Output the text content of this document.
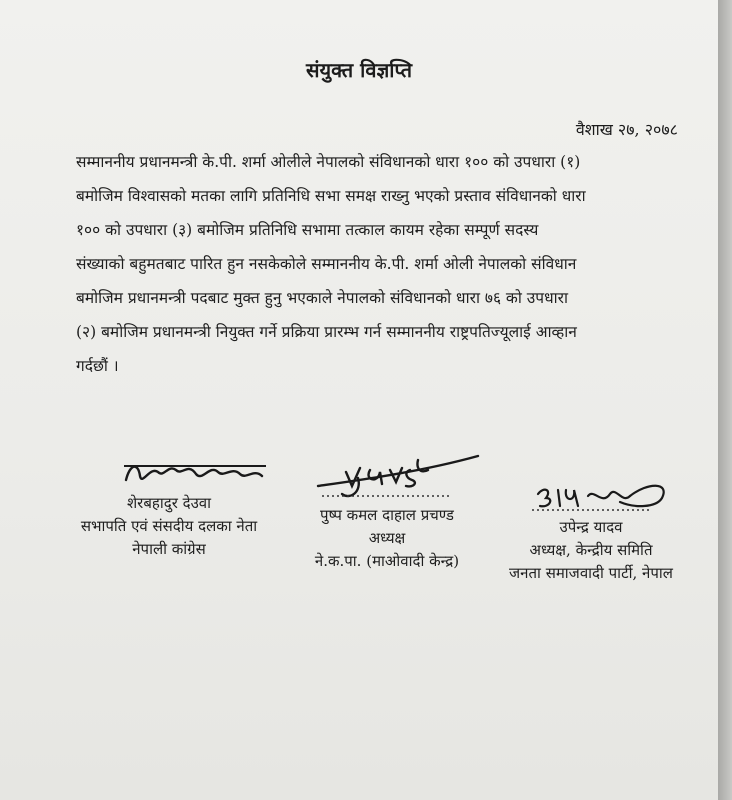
संयुक्त विज्ञप्ति
वैशाख २७, २०७८
सम्माननीय प्रधानमन्त्री के.पी. शर्मा ओलीले नेपालको संविधानको धारा १०० को उपधारा (१)
बमोजिम विश्वासको मतका लागि प्रतिनिधि सभा समक्ष राख्नु भएको प्रस्ताव संविधानको धारा
१०० को उपधारा (३) बमोजिम प्रतिनिधि सभामा तत्काल कायम रहेका सम्पूर्ण सदस्य
संख्याको बहुमतबाट पारित हुन नसकेकोले सम्माननीय के.पी. शर्मा ओली नेपालको संविधान
बमोजिम प्रधानमन्त्री पदबाट मुक्त हुनु भएकाले नेपालको संविधानको धारा ७६ को उपधारा
(२) बमोजिम प्रधानमन्त्री नियुक्त गर्ने प्रक्रिया प्रारम्भ गर्न सम्माननीय राष्ट्रपतिज्यूलाई आव्हान
गर्दछौं ।
शेरबहादुर देउवा
सभापति एवं संसदीय दलका नेता
नेपाली कांग्रेस
पुष्प कमल दाहाल प्रचण्ड
अध्यक्ष
ने.क.पा. (माओवादी केन्द्र)
उपेन्द्र यादव
अध्यक्ष, केन्द्रीय समिति
जनता समाजवादी पार्टी, नेपाल
